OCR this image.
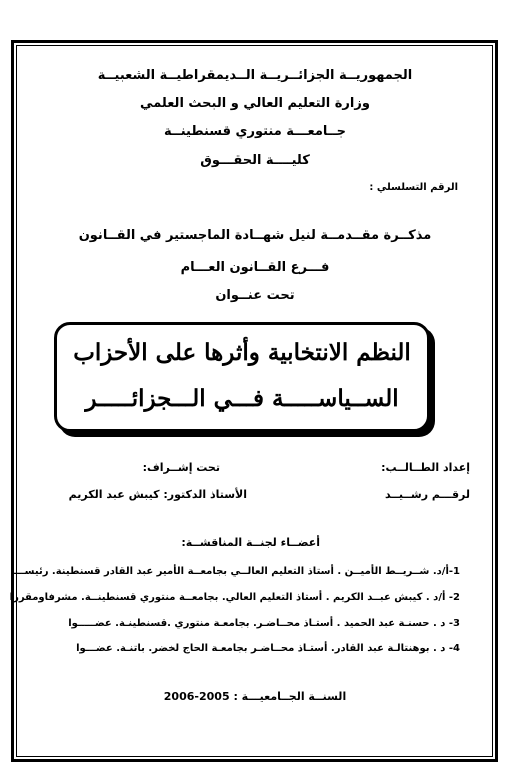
الجمهوريــة الجزائــريــة الــديمقراطيــة الشعبيــة
وزارة التعليم العالي و البحث العلمي
جــامعـــة منتوري قسنطينــة
كليــــة الحقـــوق
الرقم التسلسلي :
مذكــرة مقــدمــة لنيل شهــادة الماجستير في القــانون
فـــرع القــانون العـــام
تحت عنــوان
النظم الانتخابية وأثرها على الأحزاب
الســياســـــة فـــي الـــجزائـــــر
إعداد الطــالــب:
تحت إشــراف:
لرقـــم رشــيــد
الأستاذ الدكتور: كيبش عبد الكريم
أعضــاء لجنــة المناقشــة:
1-أ/د. شــريــط الأميــن . أستاذ التعليم العالــي بجامعــة الأمير عبد القادر قسنطينة. رئيســـا
2- أ/د . كيبش عبــد الكريم . أستاذ التعليم العالي. بجامعــة منتوري قسنطينــة. مشرفاومقررا
3- د . حسنـة عبد الحميد . أستـاذ محــاضـر. بجامعـة منتوري .قسنطينـة. عضـــــوا
4- د . بوهنتالـة عبد القادر. أستـاذ محــاضـر بجامعـة الحاج لخضر. باتنـة. عضـــوا
السنــة الجــامعيـــة : 2005-2006
